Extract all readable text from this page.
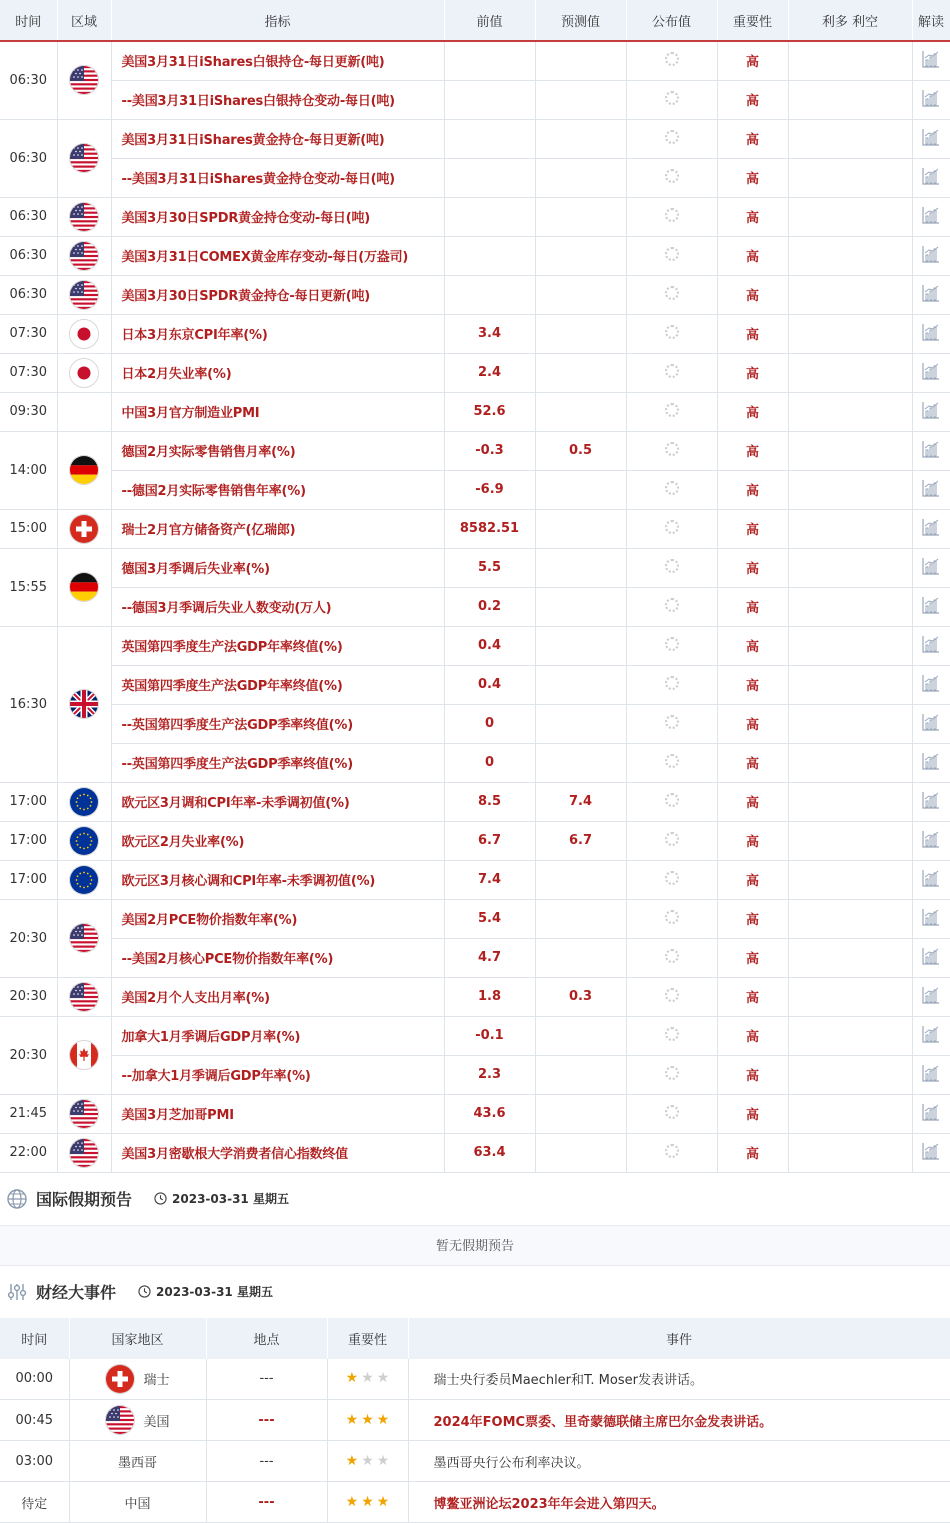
时间	区域	指标	前值	预测值	公布值	重要性	利多 利空	解读
06:30		美国3月31日iShares白银持仓-每日更新(吨)				高		
		--美国3月31日iShares白银持仓变动-每日(吨)				高		
06:30		美国3月31日iShares黄金持仓-每日更新(吨)				高		
		--美国3月31日iShares黄金持仓变动-每日(吨)				高		
06:30		美国3月30日SPDR黄金持仓变动-每日(吨)				高		
06:30		美国3月31日COMEX黄金库存变动-每日(万盎司)				高		
06:30		美国3月30日SPDR黄金持仓-每日更新(吨)				高		
07:30		日本3月东京CPI年率(%)	3.4			高		
07:30		日本2月失业率(%)	2.4			高		
09:30		中国3月官方制造业PMI	52.6			高		
14:00		德国2月实际零售销售月率(%)	-0.3	0.5		高		
		--德国2月实际零售销售年率(%)	-6.9			高		
15:00		瑞士2月官方储备资产(亿瑞郎)	8582.51			高		
15:55		德国3月季调后失业率(%)	5.5			高		
		--德国3月季调后失业人数变动(万人)	0.2			高		
16:30		英国第四季度生产法GDP年率终值(%)	0.4			高		
		英国第四季度生产法GDP年率终值(%)	0.4			高		
		--英国第四季度生产法GDP季率终值(%)	0			高		
		--英国第四季度生产法GDP季率终值(%)	0			高		
17:00		欧元区3月调和CPI年率-未季调初值(%)	8.5	7.4		高		
17:00		欧元区2月失业率(%)	6.7	6.7		高		
17:00		欧元区3月核心调和CPI年率-未季调初值(%)	7.4			高		
20:30		美国2月PCE物价指数年率(%)	5.4			高		
		--美国2月核心PCE物价指数年率(%)	4.7			高		
20:30		美国2月个人支出月率(%)	1.8	0.3		高		
20:30		加拿大1月季调后GDP月率(%)	-0.1			高		
		--加拿大1月季调后GDP年率(%)	2.3			高		
21:45		美国3月芝加哥PMI	43.6			高		
22:00		美国3月密歇根大学消费者信心指数终值	63.4			高		
国际假期预告	2023-03-31 星期五
暂无假期预告
财经大事件	2023-03-31 星期五
时间	国家地区	地点	重要性	事件
00:00	瑞士	---	★ ★ ★	瑞士央行委员Maechler和T. Moser发表讲话。
00:45	美国	---	★ ★ ★	2024年FOMC票委、里奇蒙德联储主席巴尔金发表讲话。
03:00	墨西哥	---	★ ★ ★	墨西哥央行公布利率决议。
待定	中国	---	★ ★ ★	博鳌亚洲论坛2023年年会进入第四天。
